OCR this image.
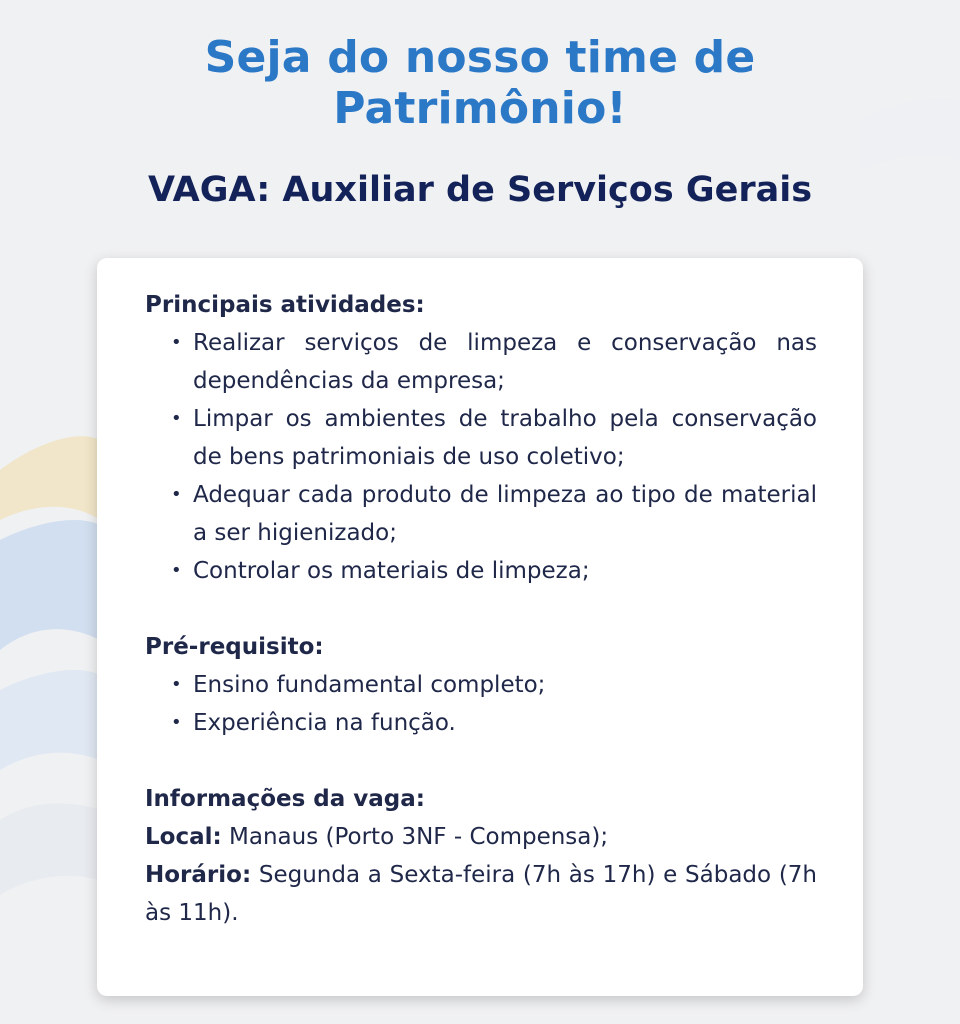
Seja do nosso time de
Patrimônio!
VAGA: Auxiliar de Serviços Gerais

Principais atividades:

• Realizar serviços de limpeza e conservação nas dependências da empresa;
• Limpar os ambientes de trabalho pela conservação de bens patrimoniais de uso coletivo;
• Adequar cada produto de limpeza ao tipo de material a ser higienizado;
• Controlar os materiais de limpeza;

Pré-requisito:

• Ensino fundamental completo;
• Experiência na função.

Informações da vaga:

Local: Manaus (Porto 3NF - Compensa);

Horário: Segunda a Sexta-feira (7h às 17h) e Sábado (7h às 11h).
